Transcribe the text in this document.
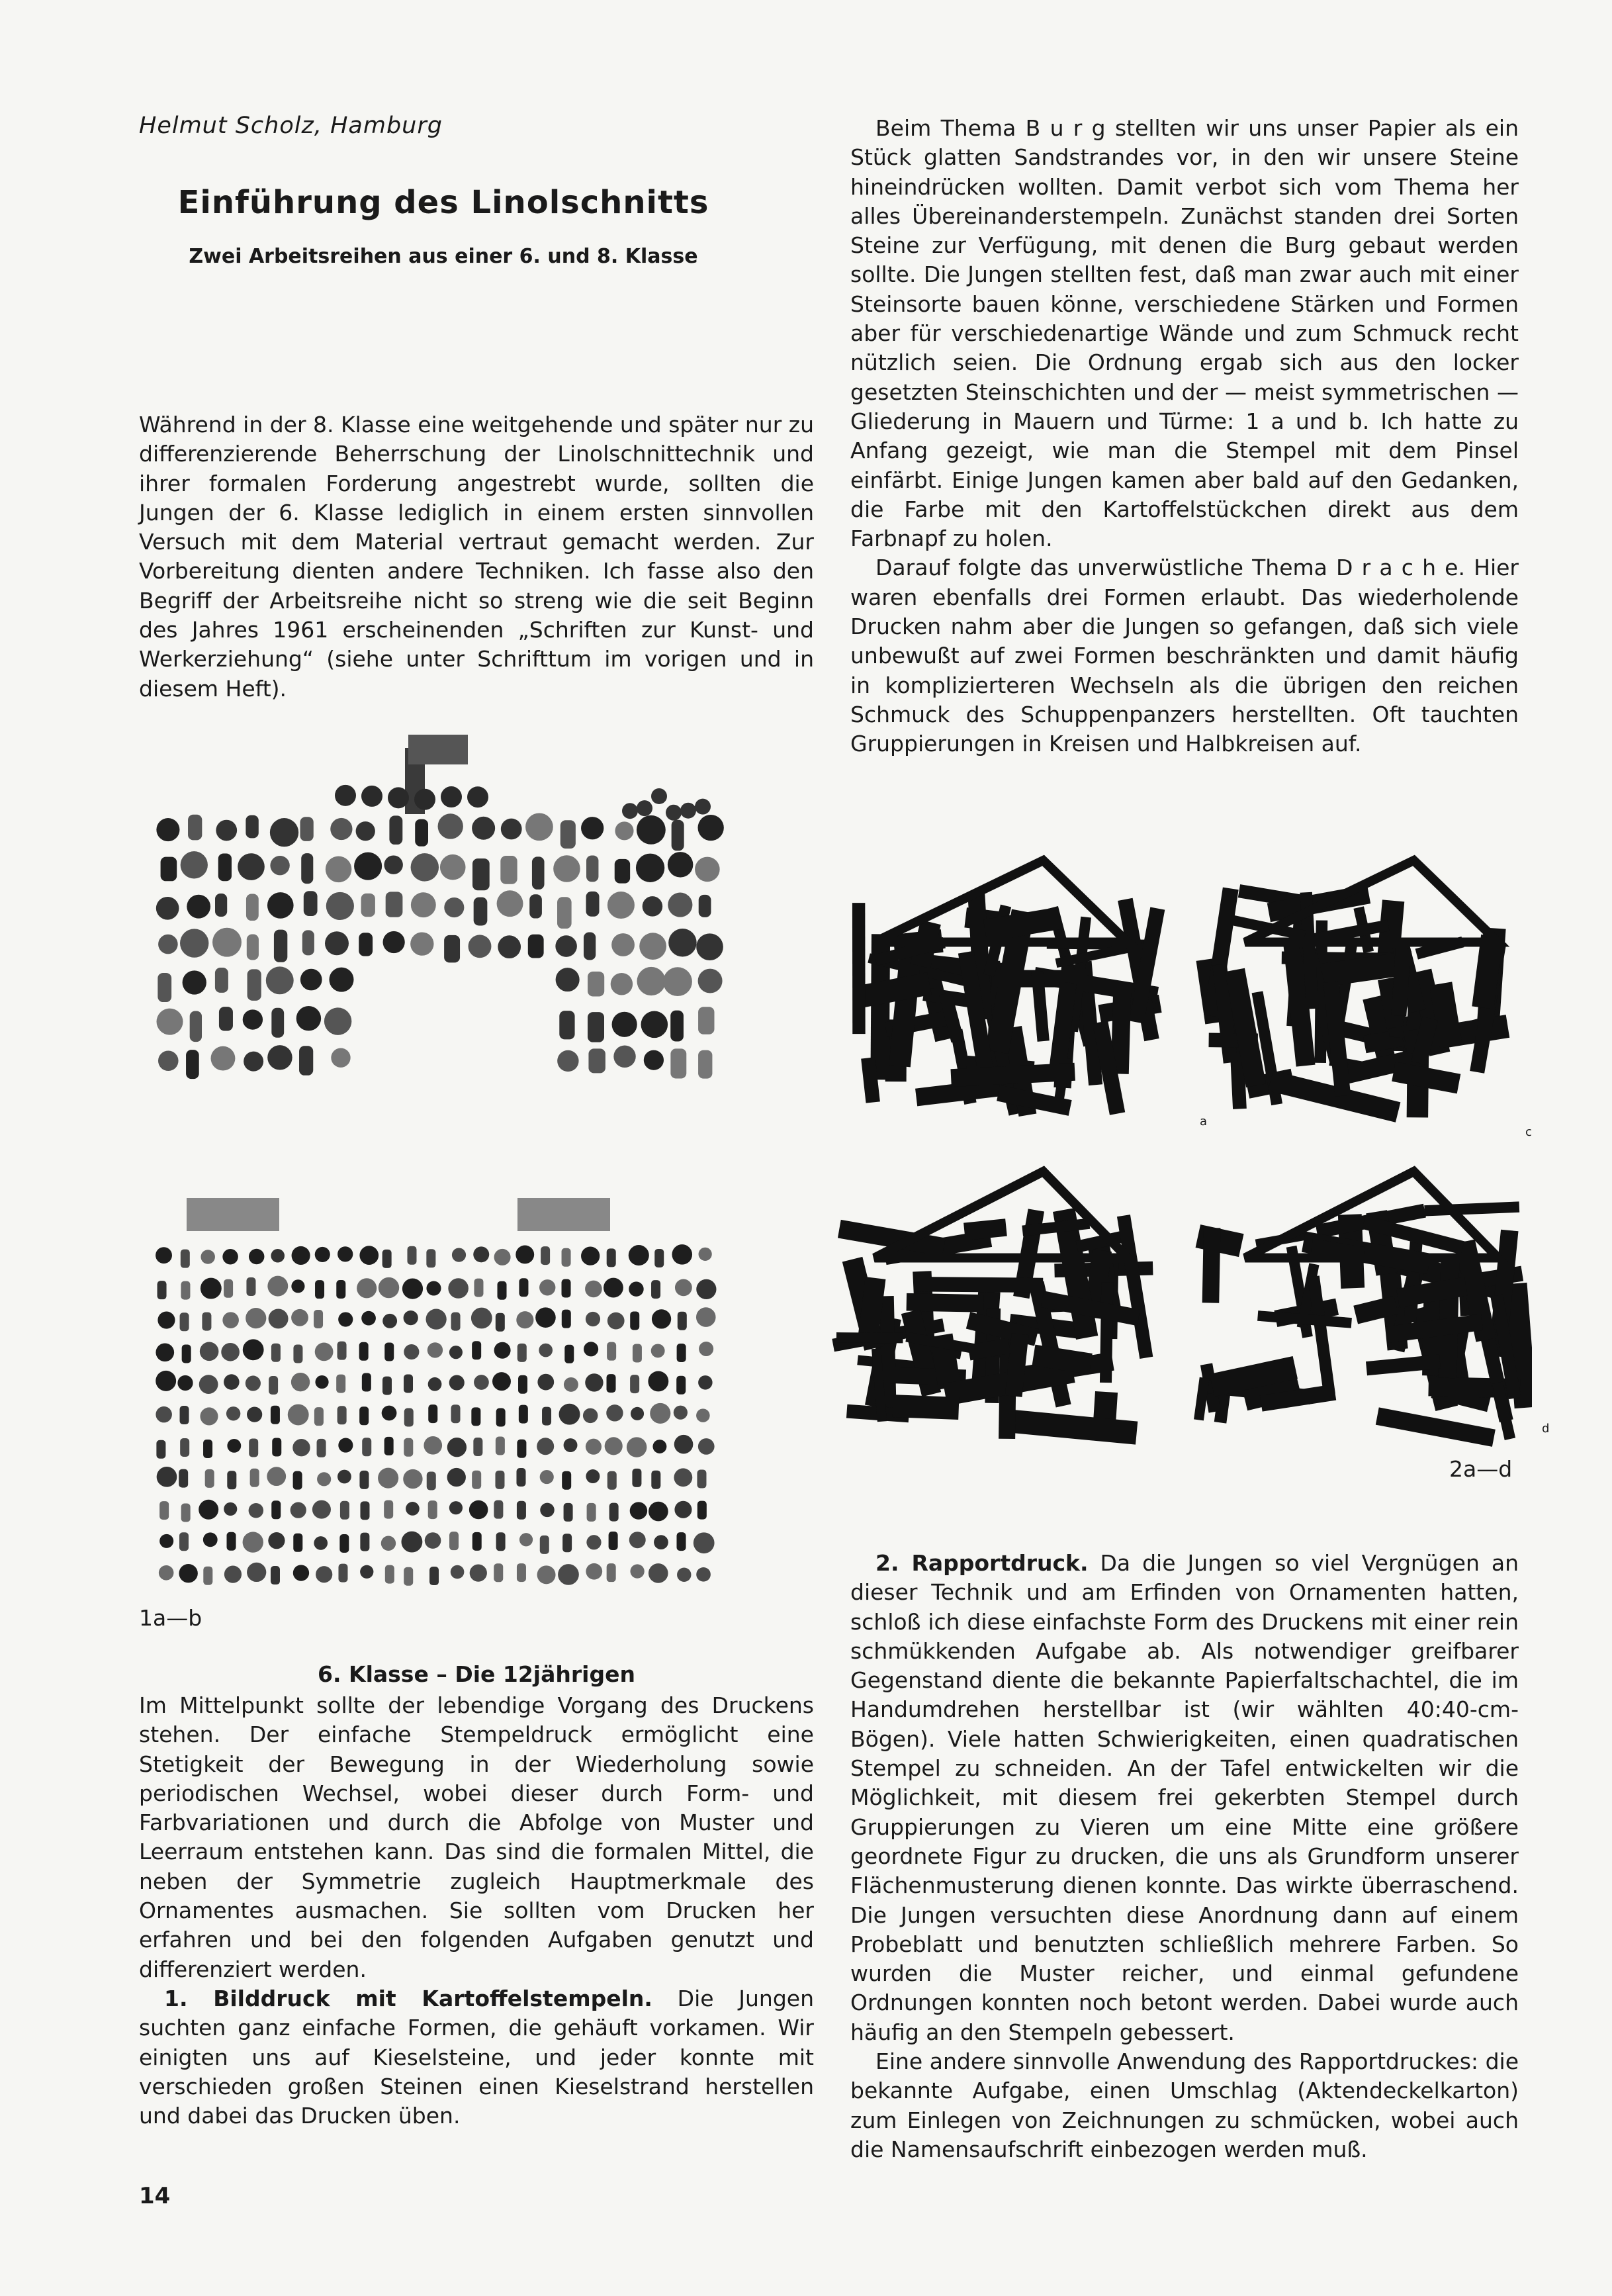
Helmut Scholz, Hamburg
Einführung des Linolschnitts
Zwei Arbeitsreihen aus einer 6. und 8. Klasse

Während in der 8. Klasse eine weitgehende und später nur zu differenzierende Beherrschung der Linolschnittechnik und ihrer formalen Forderung angestrebt wurde, sollten die Jungen der 6. Klasse lediglich in einem ersten sinnvollen Versuch mit dem Material vertraut gemacht werden. Zur Vorbereitung dienten andere Techniken. Ich fasse also den Begriff der Arbeitsreihe nicht so streng wie die seit Beginn des Jahres 1961 erscheinenden „Schriften zur Kunst- und Werkerziehung“ (siehe unter Schrifttum im vorigen und in diesem Heft).

Beim Thema B u r g stellten wir uns unser Papier als ein Stück glatten Sandstrandes vor, in den wir unsere Steine hineindrücken wollten. Damit verbot sich vom Thema her alles Übereinanderstempeln. Zunächst standen drei Sorten Steine zur Verfügung, mit denen die Burg gebaut werden sollte. Die Jungen stellten fest, daß man zwar auch mit einer Steinsorte bauen könne, verschiedene Stärken und Formen aber für verschiedenartige Wände und zum Schmuck recht nützlich seien. Die Ordnung ergab sich aus den locker gesetzten Steinschichten und der — meist symmetrischen — Gliederung in Mauern und Türme: 1 a und b. Ich hatte zu Anfang gezeigt, wie man die Stempel mit dem Pinsel einfärbt. Einige Jungen kamen aber bald auf den Gedanken, die Farbe mit den Kartoffelstückchen direkt aus dem Farbnapf zu holen.

Darauf folgte das unverwüstliche Thema D r a c h e. Hier waren ebenfalls drei Formen erlaubt. Das wiederholende Drucken nahm aber die Jungen so gefangen, daß sich viele unbewußt auf zwei Formen beschränkten und damit häufig in komplizierteren Wechseln als die übrigen den reichen Schmuck des Schuppenpanzers herstellten. Oft tauchten Gruppierungen in Kreisen und Halbkreisen auf.

a
c
d
1a—b
2a—d
6. Klasse – Die 12jährigen

Im Mittelpunkt sollte der lebendige Vorgang des Druckens stehen. Der einfache Stempeldruck ermöglicht eine Stetigkeit der Bewegung in der Wiederholung sowie periodischen Wechsel, wobei dieser durch Form- und Farbvariationen und durch die Abfolge von Muster und Leerraum entstehen kann. Das sind die formalen Mittel, die neben der Symmetrie zugleich Hauptmerkmale des Ornamentes ausmachen. Sie sollten vom Drucken her erfahren und bei den folgenden Aufgaben genutzt und differenziert werden.

1. Bilddruck mit Kartoffelstempeln. Die Jungen suchten ganz einfache Formen, die gehäuft vorkamen. Wir einigten uns auf Kieselsteine, und jeder konnte mit verschieden großen Steinen einen Kieselstrand herstellen und dabei das Drucken üben.

2. Rapportdruck. Da die Jungen so viel Vergnügen an dieser Technik und am Erfinden von Ornamenten hatten, schloß ich diese einfachste Form des Druckens mit einer rein schmükkenden Aufgabe ab. Als notwendiger greifbarer Gegenstand diente die bekannte Papierfaltschachtel, die im Handumdrehen herstellbar ist (wir wählten 40:40-cm-Bögen). Viele hatten Schwierigkeiten, einen quadratischen Stempel zu schneiden. An der Tafel entwickelten wir die Möglichkeit, mit diesem frei gekerbten Stempel durch Gruppierungen zu Vieren um eine Mitte eine größere geordnete Figur zu drucken, die uns als Grundform unserer Flächenmusterung dienen konnte. Das wirkte überraschend. Die Jungen versuchten diese Anordnung dann auf einem Probeblatt und benutzten schließlich mehrere Farben. So wurden die Muster reicher, und einmal gefundene Ordnungen konnten noch betont werden. Dabei wurde auch häufig an den Stempeln gebessert.

Eine andere sinnvolle Anwendung des Rapportdruckes: die bekannte Aufgabe, einen Umschlag (Aktendeckelkarton) zum Einlegen von Zeichnungen zu schmücken, wobei auch die Namensaufschrift einbezogen werden muß.

14
